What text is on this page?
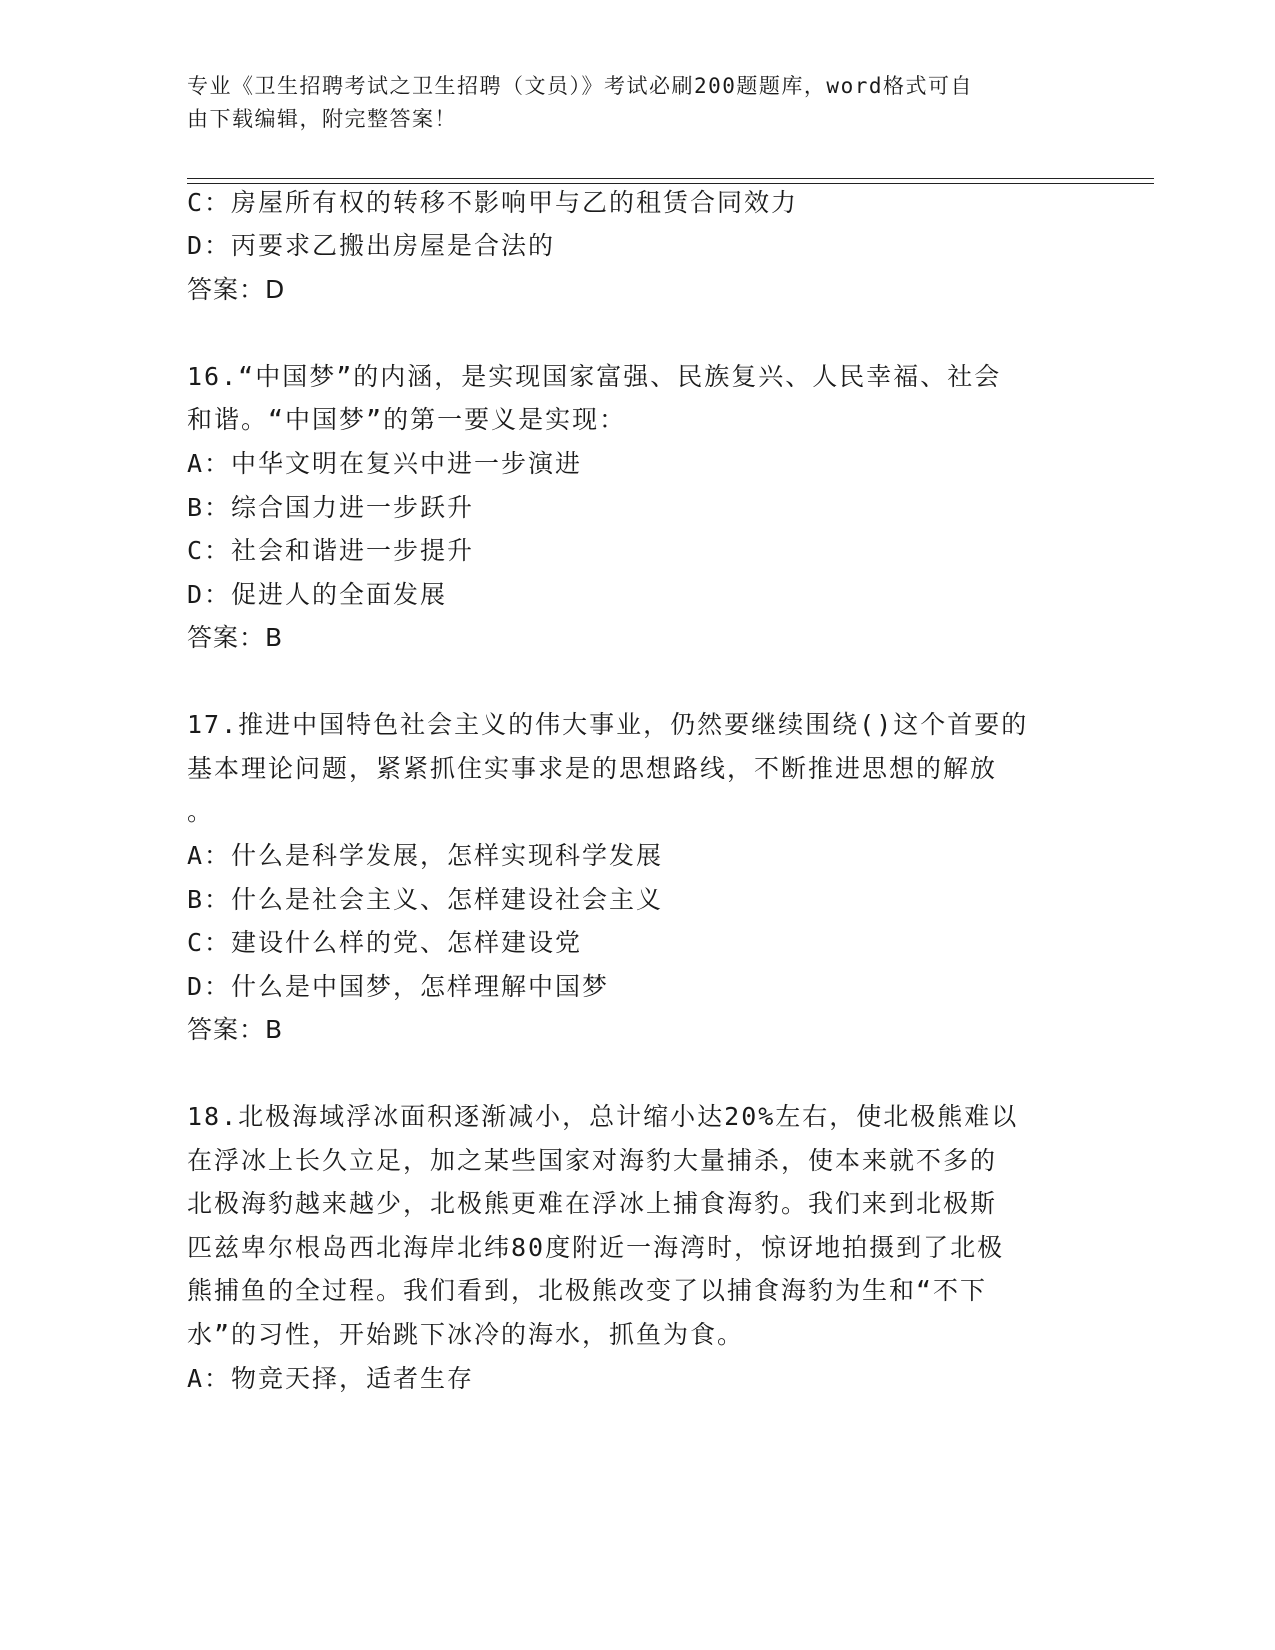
专业《卫生招聘考试之卫生招聘（文员）》考试必刷200题题库，word格式可自
由下载编辑，附完整答案！
C：房屋所有权的转移不影响甲与乙的租赁合同效力
D：丙要求乙搬出房屋是合法的
答案：D
16.“中国梦”的内涵，是实现国家富强、民族复兴、人民幸福、社会
和谐。“中国梦”的第一要义是实现：
A：中华文明在复兴中进一步演进
B：综合国力进一步跃升
C：社会和谐进一步提升
D：促进人的全面发展
答案：B
17.推进中国特色社会主义的伟大事业，仍然要继续围绕()这个首要的
基本理论问题，紧紧抓住实事求是的思想路线，不断推进思想的解放
。
A：什么是科学发展，怎样实现科学发展
B：什么是社会主义、怎样建设社会主义
C：建设什么样的党、怎样建设党
D：什么是中国梦，怎样理解中国梦
答案：B
18.北极海域浮冰面积逐渐减小，总计缩小达20%左右，使北极熊难以
在浮冰上长久立足，加之某些国家对海豹大量捕杀，使本来就不多的
北极海豹越来越少，北极熊更难在浮冰上捕食海豹。我们来到北极斯
匹兹卑尔根岛西北海岸北纬80度附近一海湾时，惊讶地拍摄到了北极
熊捕鱼的全过程。我们看到，北极熊改变了以捕食海豹为生和“不下
水”的习性，开始跳下冰冷的海水，抓鱼为食。
A：物竞天择，适者生存
